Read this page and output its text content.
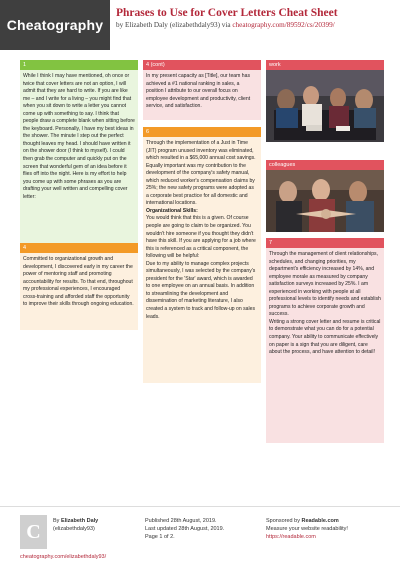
Cheatography
Phrases to Use for Cover Letters Cheat Sheet
by Elizabeth Daly (elizabethdaly93) via cheatography.com/89592/cs/20399/
1
While I think I may have mentioned, oh once or twice that cover letters are not an option, I will admit that they are hard to write. If you are like me – and I write for a living – you might find that when you sit down to write a letter you cannot come up with something to say. I think that people draw a complete blank when sitting before the keyboard. Personally, I have my best ideas in the shower. The minute I step out the perfect thought leaves my head. I should have written it on the shower door (I think to myself). I could then grab the computer and quickly put on the screen that wonderful gem of an idea before it flies off into the night. Here is my effort to help you come up with some phrases as you are drafting your well written and compelling cover letter:
4
Committed to organizational growth and development, I discovered early in my career the power of mentoring staff and promoting accountability for results. To that end, throughout my professional experiences, I encouraged cross-training and afforded staff the opportunity to improve their skills through ongoing education.
4 (cont)
In my present capacity as [Title], our team has achieved a #1 national ranking in sales, a position I attribute to our overall focus on employee development and productivity, client service, and satisfaction.
6
Through the implementation of a Just in Time (JIT) program unused inventory was eliminated, which resulted in a $65,000 annual cost savings. Equally important was my contribution to the development of the company's safety manual, which reduced worker's compensation claims by 25%; the new safety programs were adopted as a corporate best practice for all domestic and international locations.
Organizational Skills:
You would think that this is a given. Of course people are going to claim to be organized. You wouldn't hire someone if you thought they didn't have this skill. If you are applying for a job where this is referenced as a critical component, the following will be helpful:
Due to my ability to manage complex projects simultaneously, I was selected by the company's president for the 'Star' award, which is awarded to one employee on an annual basis. In addition to streamlining the development and dissemination of marketing literature, I also created a system to track and follow-up on sales leads.
work
colleagues
7
Through the management of client relationships, schedules, and changing priorities, my department's efficiency increased by 14%, and employee morale as measured by company satisfaction surveys increased by 25%. I am experienced in working with people at all professional levels to identify needs and establish programs to achieve corporate growth and success.
Writing a strong cover letter and resume is critical to demonstrate what you can do for a potential company. Your ability to communicate effectively on paper is a sign that you are diligent, care about the process, and have attention to detail!
C	By Elizabeth Daly
(elizabethdaly93)
cheatography.com/elizabethdaly93/
Published 28th August, 2019.
Last updated 28th August, 2019.
Page 1 of 2.
Sponsored by Readable.com
Measure your website readability!
https://readable.com
